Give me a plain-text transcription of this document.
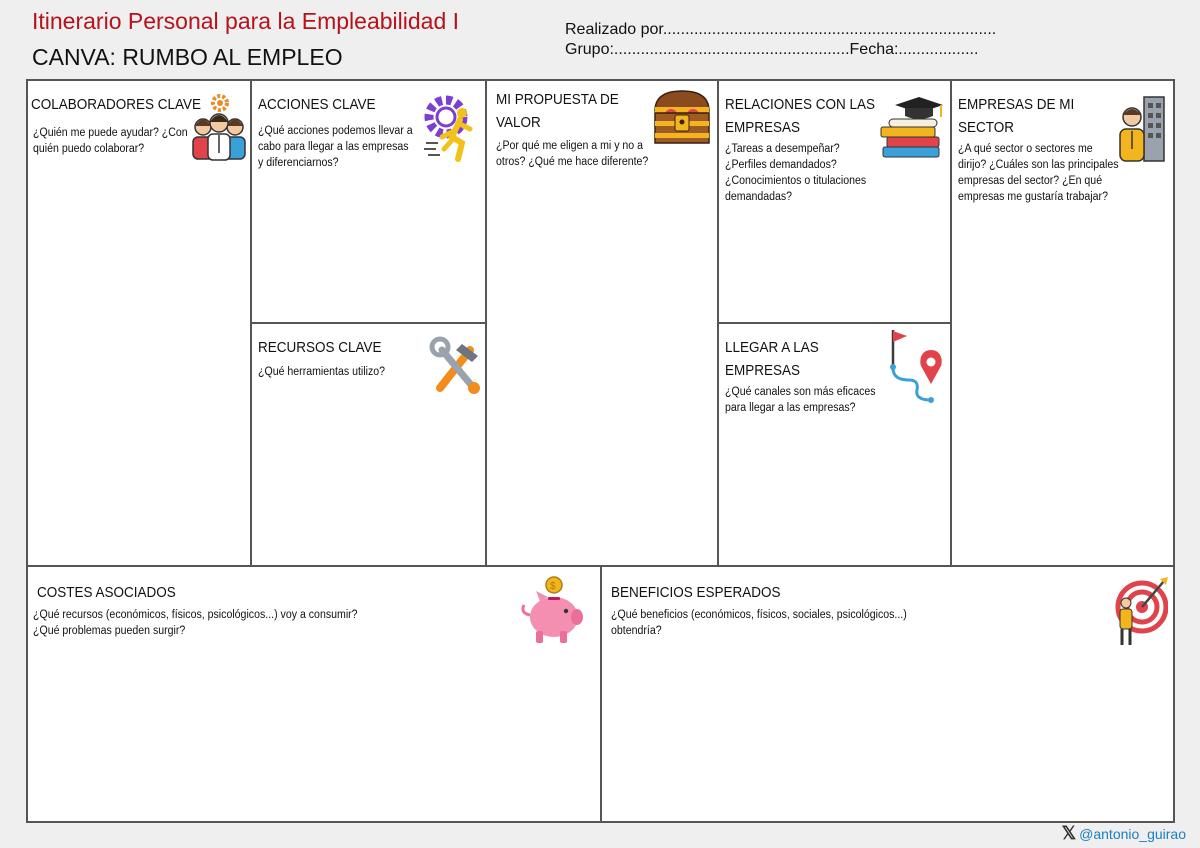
Itinerario Personal para la Empleabilidad I
CANVA: RUMBO AL EMPLEO
Realizado por...........................................................................
Grupo:.....................................................Fecha:..................
COLABORADORES CLAVE
¿Quién me puede ayudar? ¿Con quién puedo colaborar?
ACCIONES CLAVE
¿Qué acciones podemos llevar a cabo para llegar a las empresas y diferenciarnos?
RECURSOS CLAVE
¿Qué herramientas utilizo?
MI PROPUESTA DE
VALOR
¿Por qué me eligen a mi y no a otros? ¿Qué me hace diferente?
RELACIONES CON LAS
EMPRESAS
¿Tareas a desempeñar? ¿Perfiles demandados? ¿Conocimientos o titulaciones demandadas?
LLEGAR A LAS
EMPRESAS
¿Qué canales son más eficaces para llegar a las empresas?
EMPRESAS DE MI
SECTOR
¿A qué sector o sectores me dirijo? ¿Cuáles son las principales empresas del sector? ¿En qué empresas me gustaría trabajar?
COSTES ASOCIADOS
¿Qué recursos (económicos, físicos, psicológicos...) voy a consumir?
¿Qué problemas pueden surgir?
$	BENEFICIOS ESPERADOS
¿Qué beneficios (económicos, físicos, sociales, psicológicos...)
obtendría?
𝕏 @antonio_guirao
